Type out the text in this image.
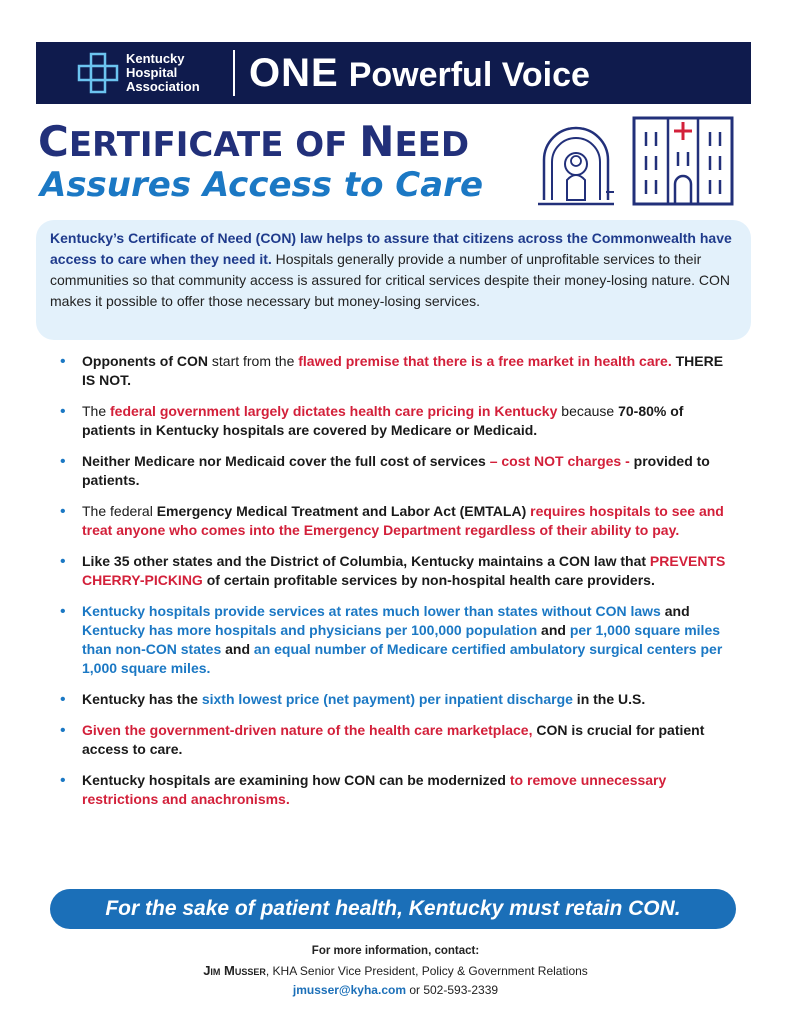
Kentucky
Hospital
Association ONE Powerful Voice
CERTIFICATE OF NEED
Assures Access to Care
Kentucky’s Certificate of Need (CON) law helps to assure that citizens across the Commonwealth have access to care when they need it. Hospitals generally provide a number of unprofitable services to their communities so that community access is assured for critical services despite their money-losing nature. CON makes it possible to offer those necessary but money-losing services.
• Opponents of CON start from the flawed premise that there is a free market in health care. THERE IS NOT.
• The federal government largely dictates health care pricing in Kentucky because 70-80% of patients in Kentucky hospitals are covered by Medicare or Medicaid.
• Neither Medicare nor Medicaid cover the full cost of services – cost NOT charges - provided to patients.
• The federal Emergency Medical Treatment and Labor Act (EMTALA) requires hospitals to see and treat anyone who comes into the Emergency Department regardless of their ability to pay.
• Like 35 other states and the District of Columbia, Kentucky maintains a CON law that PREVENTS CHERRY-PICKING of certain profitable services by non-hospital health care providers.
• Kentucky hospitals provide services at rates much lower than states without CON laws and Kentucky has more hospitals and physicians per 100,000 population and per 1,000 square miles than non-CON states and an equal number of Medicare certified ambulatory surgical centers per 1,000 square miles.
• Kentucky has the sixth lowest price (net payment) per inpatient discharge in the U.S.
• Given the government-driven nature of the health care marketplace, CON is crucial for patient access to care.
• Kentucky hospitals are examining how CON can be modernized to remove unnecessary restrictions and anachronisms.
For the sake of patient health, Kentucky must retain CON.
For more information, contact:
Jim Musser, KHA Senior Vice President, Policy & Government Relations
jmusser@kyha.com or 502-593-2339
